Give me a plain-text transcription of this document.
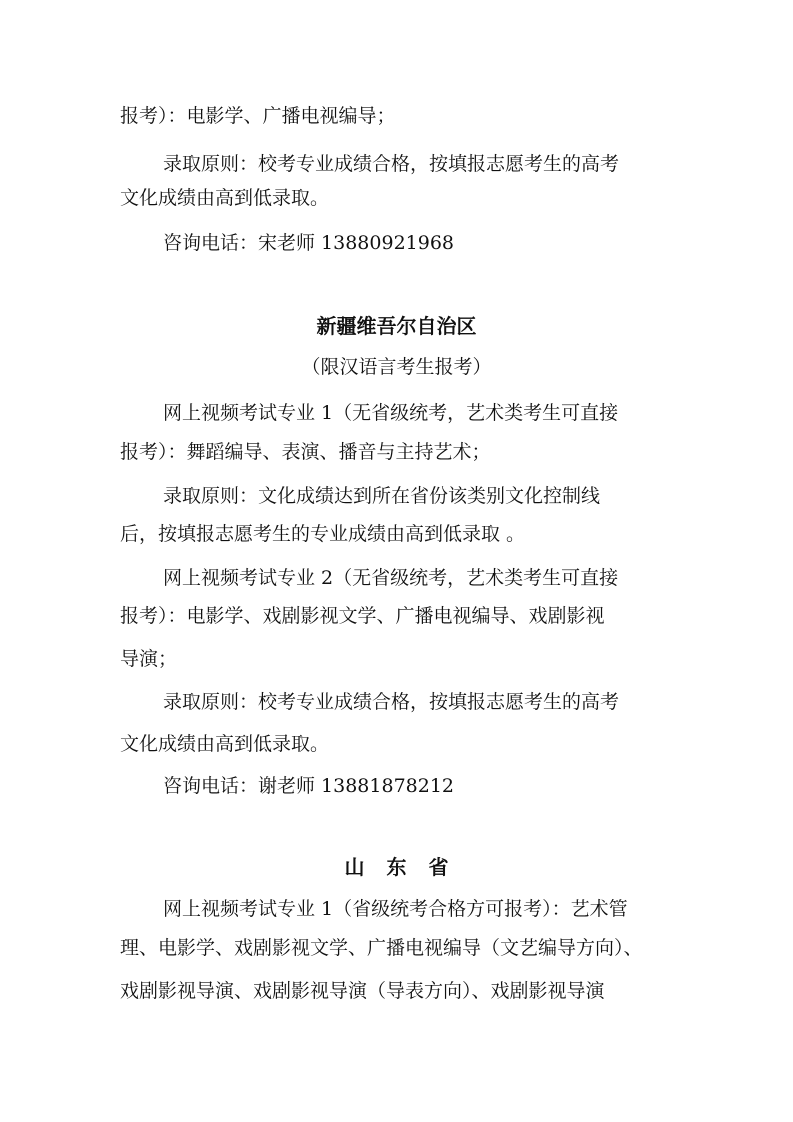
报考）：电影学、广播电视编导；
录取原则：校考专业成绩合格，按填报志愿考生的高考
文化成绩由高到低录取。
咨询电话：宋老师 13880921968
新疆维吾尔自治区
（限汉语言考生报考）
网上视频考试专业 1（无省级统考，艺术类考生可直接
报考）：舞蹈编导、表演、播音与主持艺术；
录取原则：文化成绩达到所在省份该类别文化控制线
后，按填报志愿考生的专业成绩由高到低录取 。
网上视频考试专业 2（无省级统考，艺术类考生可直接
报考）：电影学、戏剧影视文学、广播电视编导、戏剧影视
导演；
录取原则：校考专业成绩合格，按填报志愿考生的高考
文化成绩由高到低录取。
咨询电话：谢老师 13881878212
山东省
网上视频考试专业 1（省级统考合格方可报考）：艺术管
理、电影学、戏剧影视文学、广播电视编导（文艺编导方向）、
戏剧影视导演、戏剧影视导演（导表方向）、戏剧影视导演
